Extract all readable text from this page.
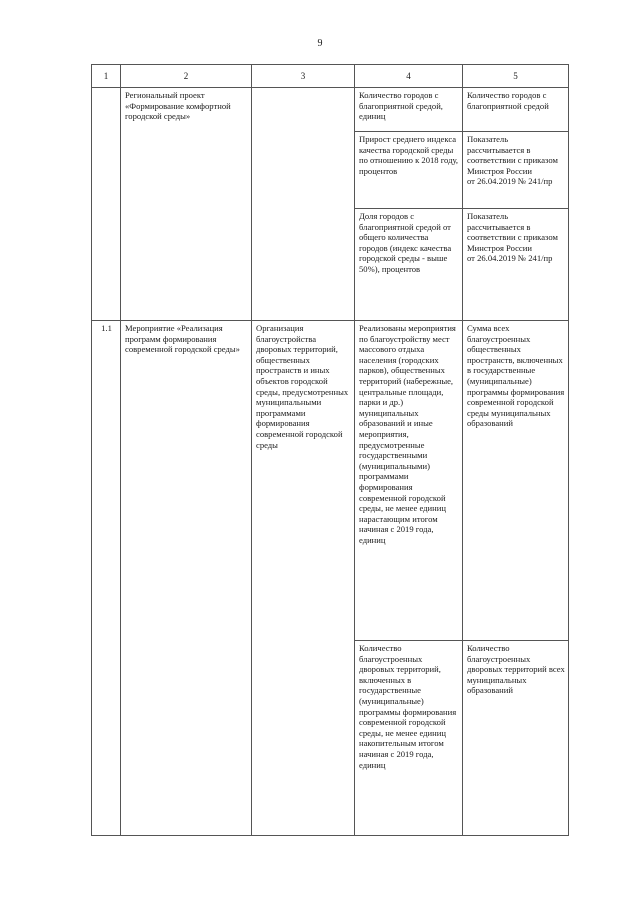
9
1	2	3	4	5
	Региональный проект «Формирование комфортной городской среды»		Количество городов с благоприятной средой, единиц	Количество городов с благоприятной средой
			Прирост среднего индекса качества городской среды по отношению к 2018 году, процентов	Показатель рассчитывается в соответствии с приказом Минстроя России
от 26.04.2019 № 241/пр
			Доля городов с благоприятной средой от общего количества городов (индекс качества городской среды - выше 50%), процентов	Показатель рассчитывается в соответствии с приказом Минстроя России
от 26.04.2019 № 241/пр
1.1	Мероприятие «Реализация программ формирования современной городской среды»	Организация благоустройства дворовых территорий, общественных пространств и иных объектов городской среды, предусмотренных муниципальными программами формирования современной городской среды	Реализованы мероприятия по благоустройству мест массового отдыха населения (городских парков), общественных территорий (набережные, центральные площади, парки и др.) муниципальных образований и иные мероприятия, предусмотренные государственными (муниципальными) программами формирования современной городской среды, не менее единиц нарастающим итогом начиная с 2019 года, единиц	Сумма всех благоустроенных общественных пространств, включенных в государственные (муниципальные) программы формирования современной городской среды муниципальных образований
			Количество благоустроенных дворовых территорий, включенных в государственные (муниципальные) программы формирования современной городской среды, не менее единиц накопительным итогом начиная с 2019 года, единиц	Количество благоустроенных дворовых территорий всех муниципальных образований
